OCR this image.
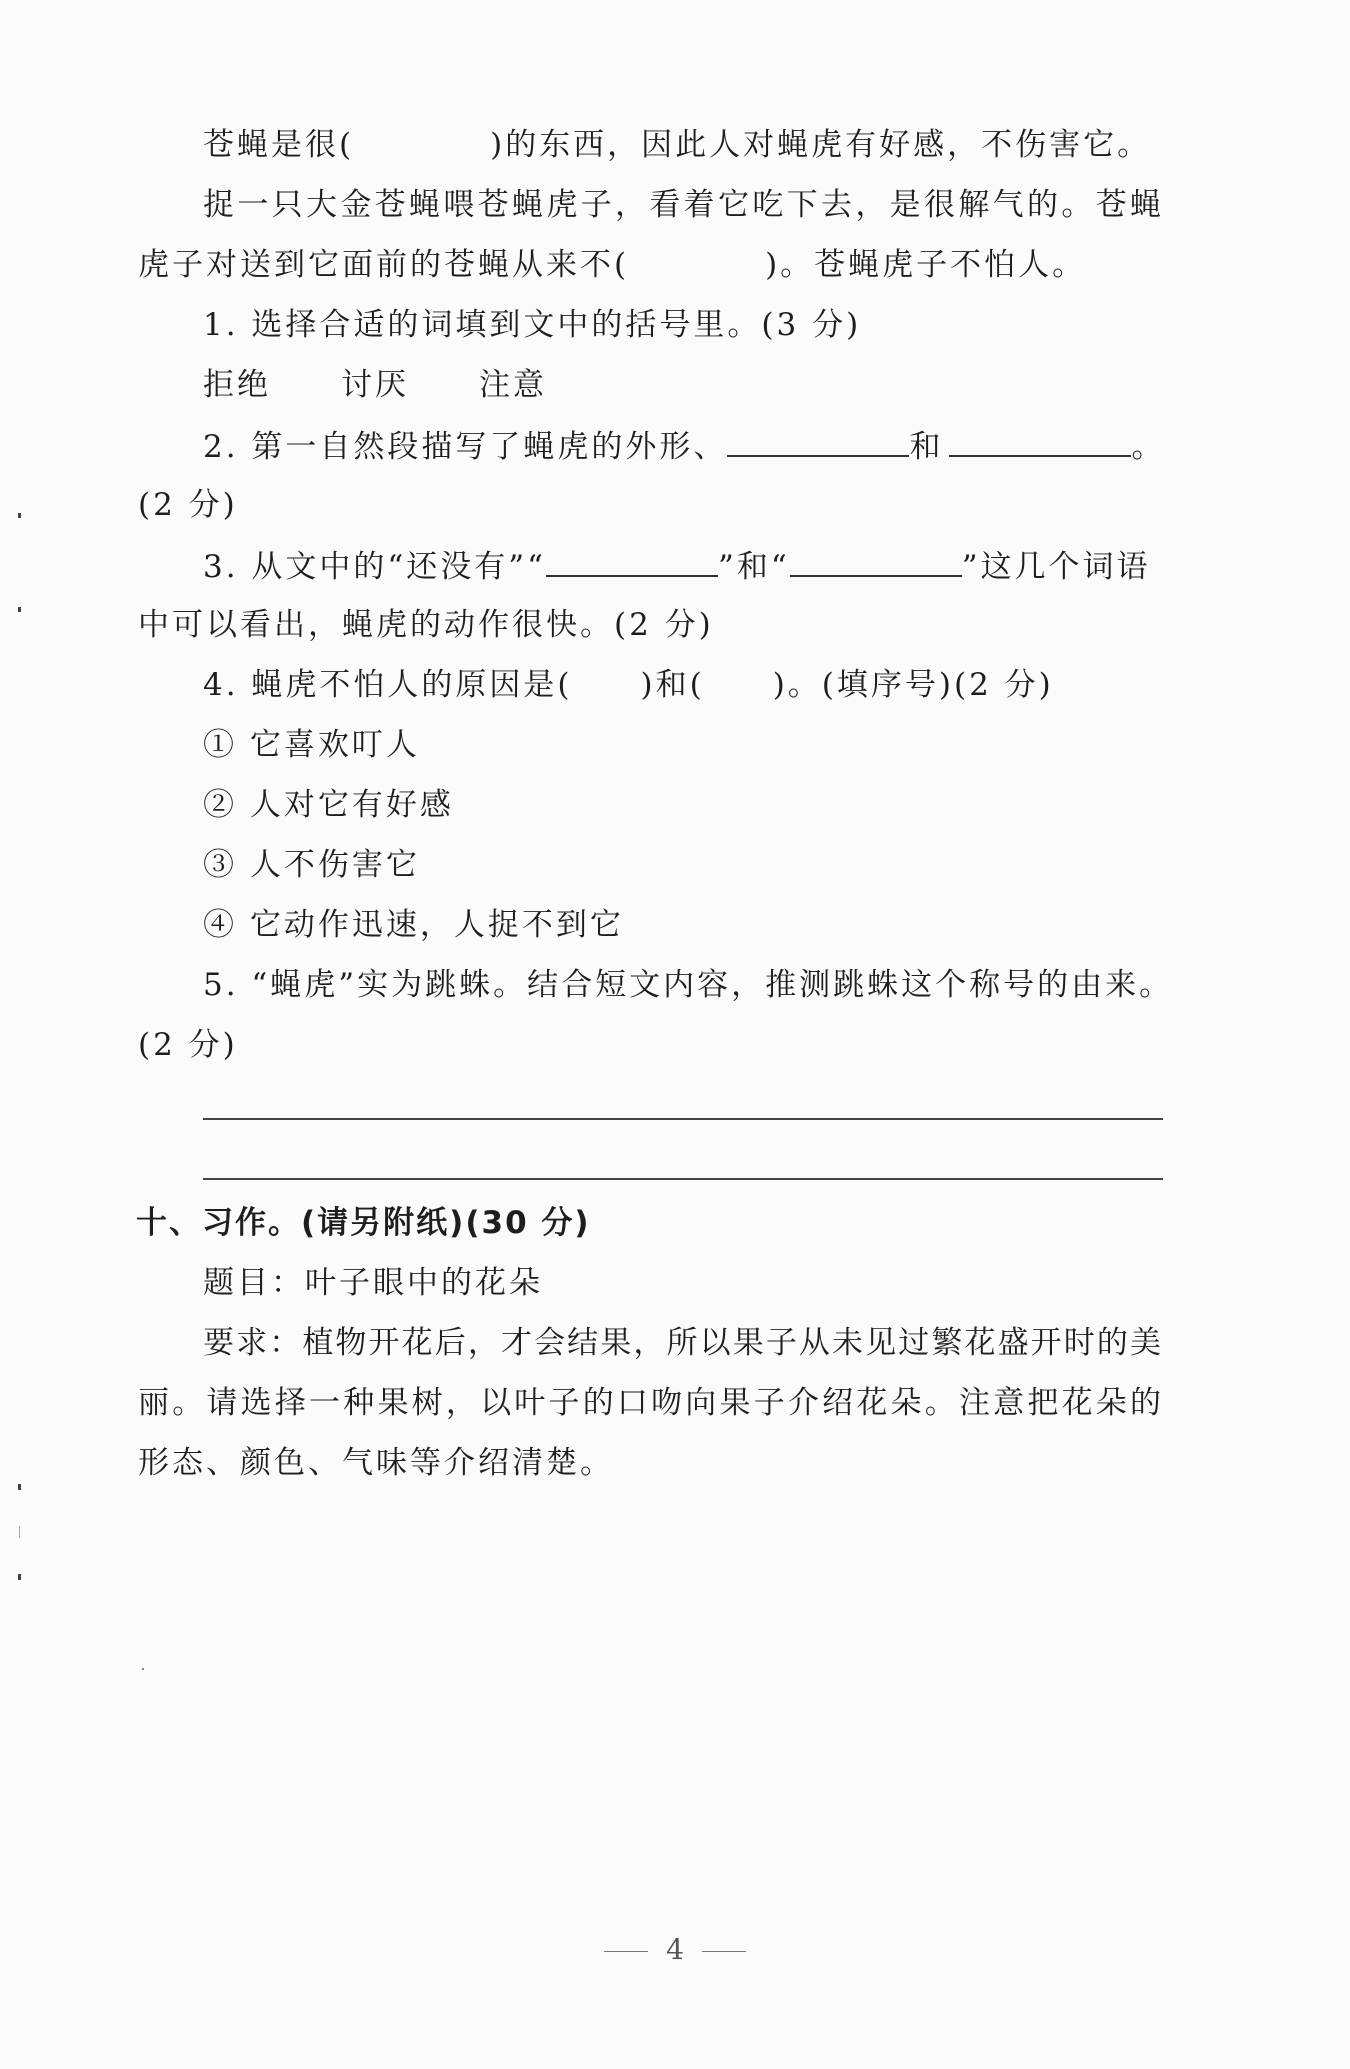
苍蝇是很(　　　　)的东西，因此人对蝇虎有好感，不伤害它。
捉一只大金苍蝇喂苍蝇虎子，看着它吃下去，是很解气的。苍蝇
虎子对送到它面前的苍蝇从来不(　　　　)。苍蝇虎子不怕人。
1. 选择合适的词填到文中的括号里。(3 分)
拒绝 讨厌 注意
2. 第一自然段描写了蝇虎的外形、	和	。
(2 分)
3. 从文中的“还没有”“	”和“	”这几个词语
中可以看出，蝇虎的动作很快。(2 分)
4. 蝇虎不怕人的原因是(　　)和(　　)。(填序号)(2 分)
① 它喜欢叮人
② 人对它有好感
③ 人不伤害它
④ 它动作迅速，人捉不到它
5. “蝇虎”实为跳蛛。结合短文内容，推测跳蛛这个称号的由来。
(2 分)
十、习作。(请另附纸)(30 分)
题目：叶子眼中的花朵
要求：植物开花后，才会结果，所以果子从未见过繁花盛开时的美
丽。请选择一种果树，以叶子的口吻向果子介绍花朵。注意把花朵的
形态、颜色、气味等介绍清楚。
4
